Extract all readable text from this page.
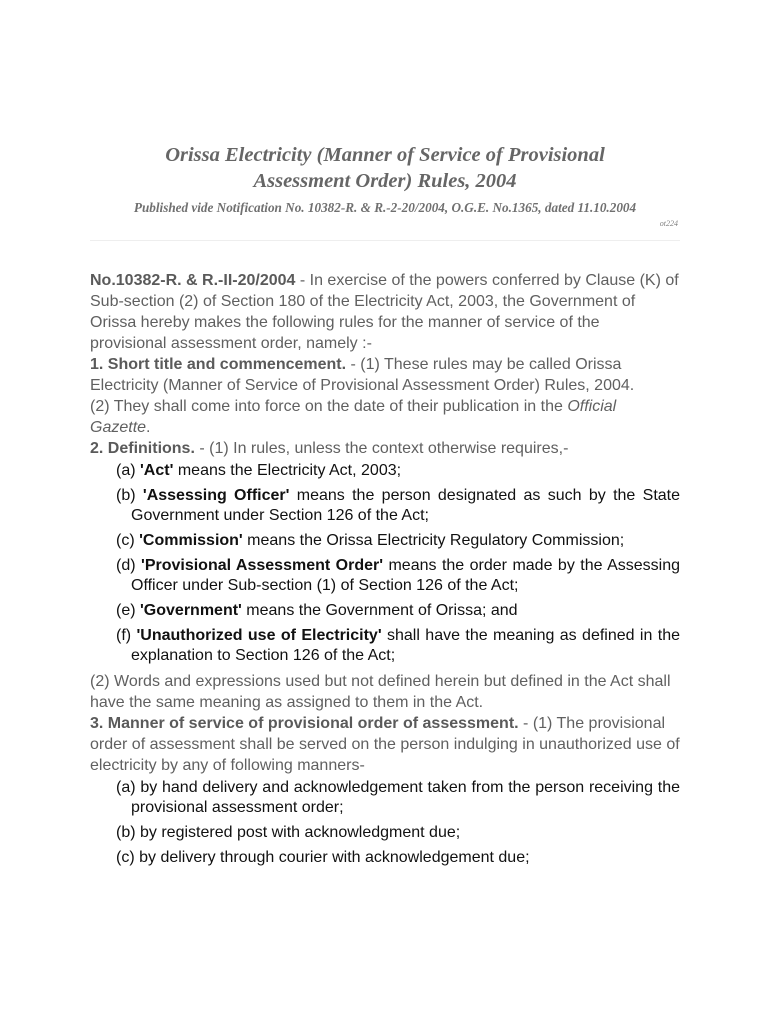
Orissa Electricity (Manner of Service of Provisional
Assessment Order) Rules, 2004

Published vide Notification No. 10382-R. & R.-2-20/2004, O.G.E. No.1365, dated 11.10.2004

ot224

No.10382-R. & R.-II-20/2004 - In exercise of the powers conferred by Clause (K) of Sub-section (2) of Section 180 of the Electricity Act, 2003, the Government of Orissa hereby makes the following rules for the manner of service of the provisional assessment order, namely :-

1. Short title and commencement. - (1) These rules may be called Orissa Electricity (Manner of Service of Provisional Assessment Order) Rules, 2004.

(2) They shall come into force on the date of their publication in the Official Gazette.

2. Definitions. - (1) In rules, unless the context otherwise requires,-

(a) 'Act' means the Electricity Act, 2003;
(b) 'Assessing Officer' means the person designated as such by the State Government under Section 126 of the Act;
(c) 'Commission' means the Orissa Electricity Regulatory Commission;
(d) 'Provisional Assessment Order' means the order made by the Assessing Officer under Sub-section (1) of Section 126 of the Act;
(e) 'Government' means the Government of Orissa; and
(f) 'Unauthorized use of Electricity' shall have the meaning as defined in the explanation to Section 126 of the Act;

(2) Words and expressions used but not defined herein but defined in the Act shall have the same meaning as assigned to them in the Act.

3. Manner of service of provisional order of assessment. - (1) The provisional order of assessment shall be served on the person indulging in unauthorized use of electricity by any of following manners-

(a) by hand delivery and acknowledgement taken from the person receiving the provisional assessment order;
(b) by registered post with acknowledgment due;
(c) by delivery through courier with acknowledgement due;
